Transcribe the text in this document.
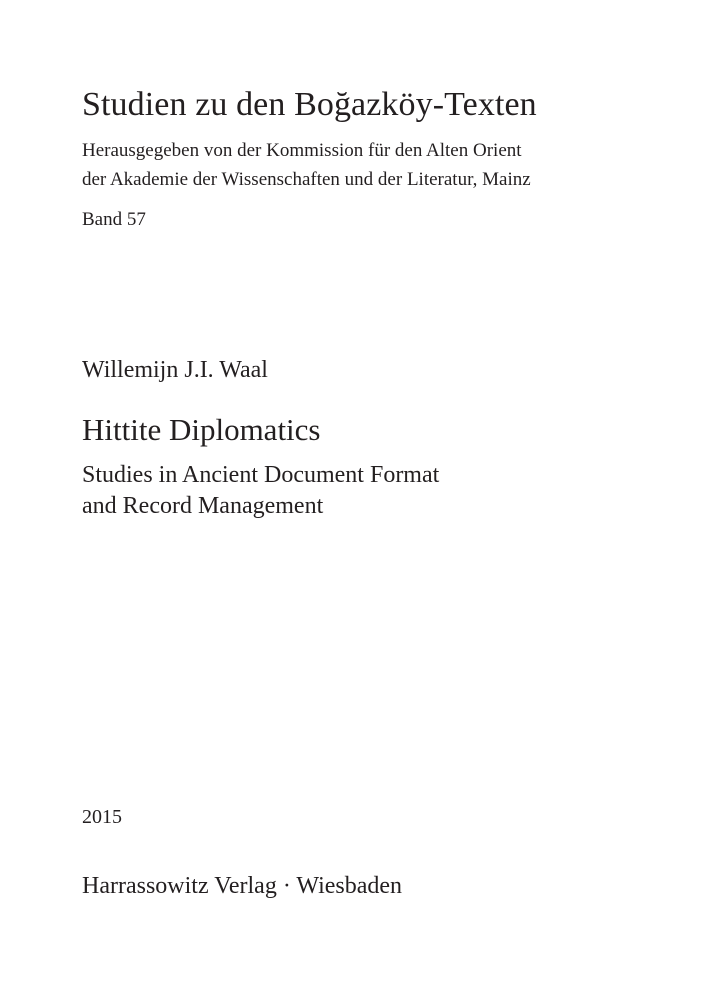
Studien zu den Boğazköy-Texten

Herausgegeben von der Kommission für den Alten Orient

der Akademie der Wissenschaften und der Literatur, Mainz

Band 57

Willemijn J.I. Waal

Hittite Diplomatics

Studies in Ancient Document Format

and Record Management

2015

Harrassowitz Verlag · Wiesbaden
